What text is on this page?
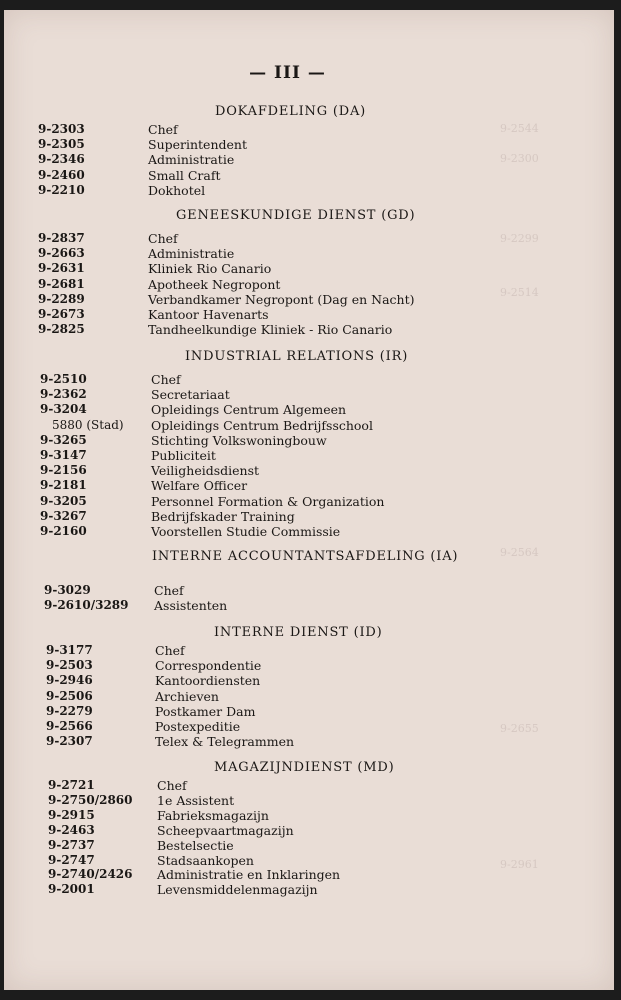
9-2544
9-2300
9-2299
9-2514
9-2564
9-2655
9-2961
— III —
DOKAFDELING (DA)
9-2303	Chef
9-2305	Superintendent
9-2346	Administratie
9-2460	Small Craft
9-2210	Dokhotel
GENEESKUNDIGE DIENST (GD)
9-2837	Chef
9-2663	Administratie
9-2631	Kliniek Rio Canario
9-2681	Apotheek Negropont
9-2289	Verbandkamer Negropont (Dag en Nacht)
9-2673	Kantoor Havenarts
9-2825	Tandheelkundige Kliniek - Rio Canario
INDUSTRIAL RELATIONS (IR)
9-2510	Chef
9-2362	Secretariaat
9-3204	Opleidings Centrum Algemeen
5880 (Stad) Opleidings Centrum Bedrijfsschool
9-3265	Stichting Volkswoningbouw
9-3147	Publiciteit
9-2156	Veiligheidsdienst
9-2181	Welfare Officer
9-3205	Personnel Formation & Organization
9-3267	Bedrijfskader Training
9-2160	Voorstellen Studie Commissie
INTERNE ACCOUNTANTSAFDELING (IA)
9-3029	Chef
9-2610/3289 Assistenten
INTERNE DIENST (ID)
9-3177	Chef
9-2503	Correspondentie
9-2946	Kantoordiensten
9-2506	Archieven
9-2279	Postkamer Dam
9-2566	Postexpeditie
9-2307	Telex & Telegrammen
MAGAZIJNDIENST (MD)
9-2721	Chef
9-2750/2860 1e Assistent
9-2915	Fabrieksmagazijn
9-2463	Scheepvaartmagazijn
9-2737	Bestelsectie
9-2747	Stadsaankopen
9-2740/2426 Administratie en Inklaringen
9-2001	Levensmiddelenmagazijn
